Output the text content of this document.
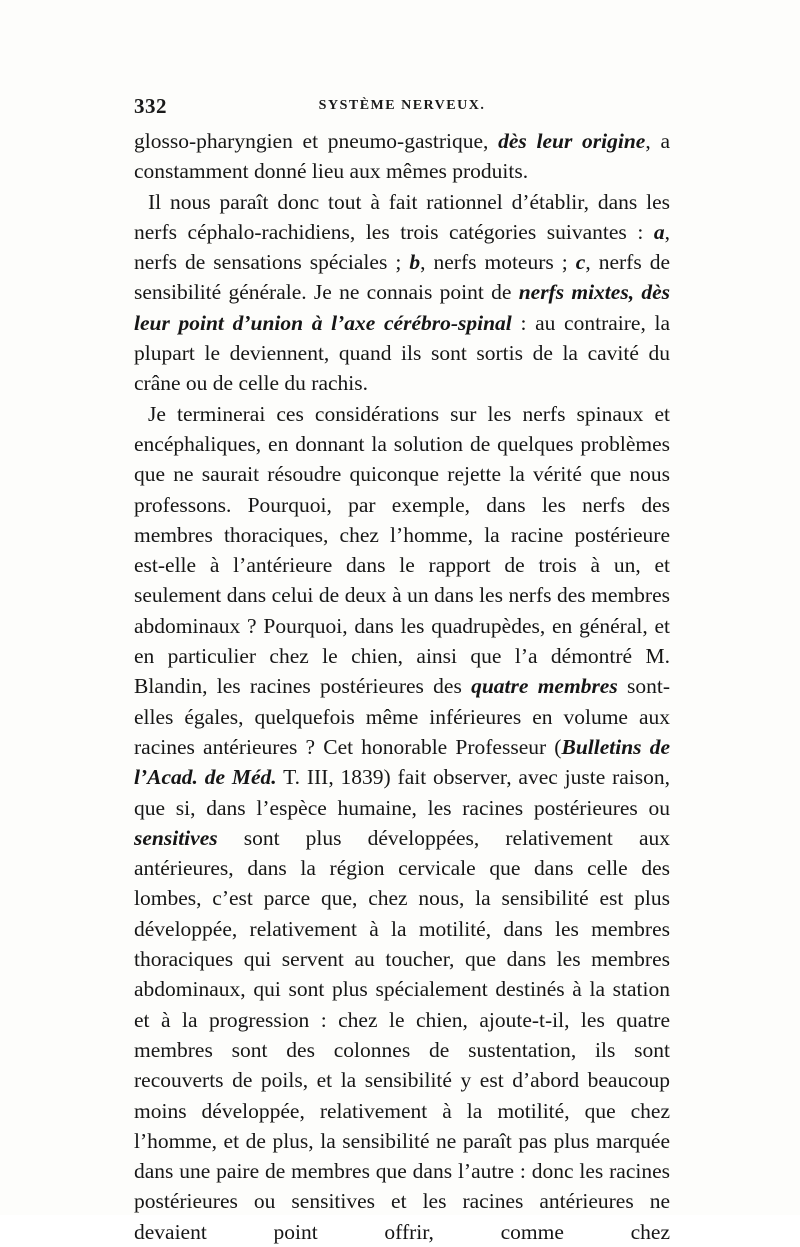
332	SYSTÈME NERVEUX.

glosso-pharyngien et pneumo-gastrique, dès leur origine, a constamment donné lieu aux mêmes produits.

Il nous paraît donc tout à fait rationnel d’établir, dans les nerfs céphalo-rachidiens, les trois catégories suivantes : a, nerfs de sensations spéciales ; b, nerfs moteurs ; c, nerfs de sensibilité générale. Je ne connais point de nerfs mixtes, dès leur point d’union à l’axe cérébro-spinal : au contraire, la plupart le deviennent, quand ils sont sortis de la cavité du crâne ou de celle du rachis.

Je terminerai ces considérations sur les nerfs spinaux et encéphaliques, en donnant la solution de quelques problèmes que ne saurait résoudre quiconque rejette la vérité que nous professons. Pourquoi, par exemple, dans les nerfs des membres thoraciques, chez l’homme, la racine postérieure est-elle à l’antérieure dans le rapport de trois à un, et seulement dans celui de deux à un dans les nerfs des membres abdominaux ? Pourquoi, dans les quadrupèdes, en général, et en particulier chez le chien, ainsi que l’a démontré M. Blandin, les racines postérieures des quatre membres sont-elles égales, quelquefois même inférieures en volume aux racines antérieures ? Cet honorable Professeur (Bulletins de l’Acad. de Méd. T. III, 1839) fait observer, avec juste raison, que si, dans l’espèce humaine, les racines postérieures ou sensitives sont plus développées, relativement aux antérieures, dans la région cervicale que dans celle des lombes, c’est parce que, chez nous, la sensibilité est plus développée, relativement à la motilité, dans les membres thoraciques qui servent au toucher, que dans les membres abdominaux, qui sont plus spécialement destinés à la station et à la progression : chez le chien, ajoute-t-il, les quatre membres sont des colonnes de sustentation, ils sont recouverts de poils, et la sensibilité y est d’abord beaucoup moins développée, relativement à la motilité, que chez l’homme, et de plus, la sensibilité ne paraît pas plus marquée dans une paire de membres que dans l’autre : donc les racines postérieures ou sensitives et les racines antérieures ne devaient point offrir, comme chez
